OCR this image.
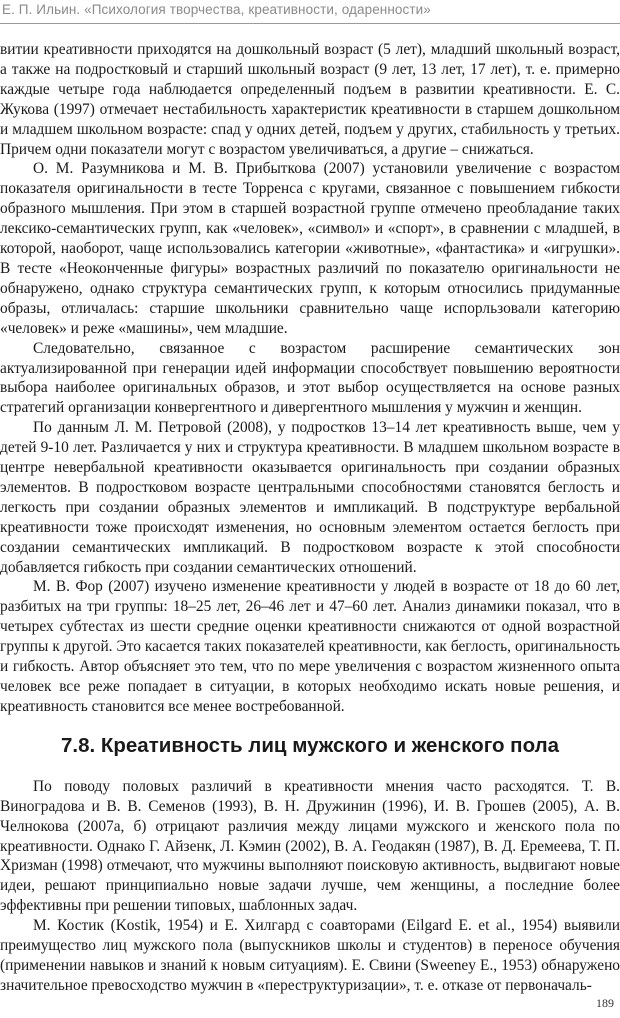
Е. П. Ильин. «Психология творчества, креативности, одаренности»

витии креативности приходятся на дошкольный возраст (5 лет), младший школьный возраст, а также на подростковый и старший школьный возраст (9 лет, 13 лет, 17 лет), т. е. примерно каждые четыре года наблюдается определенный подъем в развитии креативности. Е. С. Жукова (1997) отмечает нестабильность характеристик креативности в старшем дошкольном и младшем школьном возрасте: спад у одних детей, подъем у других, стабильность у третьих. Причем одни показатели могут с возрастом увеличиваться, а другие – снижаться.

О. М. Разумникова и М. В. Прибыткова (2007) установили увеличение с возрастом показателя оригинальности в тесте Торренса с кругами, связанное с повышением гибкости образного мышления. При этом в старшей возрастной группе отмечено преобладание таких лексико-семантических групп, как «человек», «символ» и «спорт», в сравнении с младшей, в которой, наоборот, чаще использовались категории «животные», «фантастика» и «игрушки». В тесте «Неоконченные фигуры» возрастных различий по показателю оригинальности не обнаружено, однако структура семантических групп, к которым относились придуманные образы, отличалась: старшие школьники сравнительно чаще иcпорльзовали категорию «человек» и реже «машины», чем младшие.

Следовательно, связанное с возрастом расширение семантических зон актуализированной при генерации идей информации способствует повышению вероятности выбора наиболее оригинальных образов, и этот выбор осуществляется на основе разных стратегий организации конвергентного и дивергентного мышления у мужчин и женщин.

По данным Л. М. Петровой (2008), у подростков 13–14 лет креативность выше, чем у детей 9-10 лет. Различается у них и структура креативности. В младшем школьном возрасте в центре невербальной креативности оказывается оригинальность при создании образных элементов. В подростковом возрасте центральными способностями становятся беглость и легкость при создании образных элементов и импликаций. В подструктуре вербальной креативности тоже происходят изменения, но основным элементом остается беглость при создании семантических импликаций. В подростковом возрасте к этой способности добавляется гибкость при создании семантических отношений.

М. В. Фор (2007) изучено изменение креативности у людей в возрасте от 18 до 60 лет, разбитых на три группы: 18–25 лет, 26–46 лет и 47–60 лет. Анализ динамики показал, что в четырех субтестах из шести средние оценки креативности снижаются от одной возрастной группы к другой. Это касается таких показателей креативности, как беглость, оригинальность и гибкость. Автор объясняет это тем, что по мере увеличения с возрастом жизненного опыта человек все реже попадает в ситуации, в которых необходимо искать новые решения, и креативность становится все менее востребованной.

7.8. Креативность лиц мужского и женского пола

По поводу половых различий в креативности мнения часто расходятся. Т. В. Виноградова и В. В. Семенов (1993), В. Н. Дружинин (1996), И. В. Грошев (2005), А. В. Челнокова (2007а, б) отрицают различия между лицами мужского и женского пола по креативности. Однако Г. Айзенк, Л. Кэмин (2002), В. А. Геодакян (1987), В. Д. Еремеева, Т. П. Хризман (1998) отмечают, что мужчины выполняют поисковую активность, выдвигают новые идеи, решают принципиально новые задачи лучше, чем женщины, а последние более эффективны при решении типовых, шаблонных задач.

М. Костик (Kostik, 1954) и Е. Хилгард с соавторами (Eilgard E. et al., 1954) выявили преимущество лиц мужского пола (выпускников школы и студентов) в переносе обучения (применении навыков и знаний к новым ситуациям). Е. Свини (Sweeney E., 1953) обнаружено значительное превосходство мужчин в «переструктуризации», т. е. отказе от первоначаль-

189
